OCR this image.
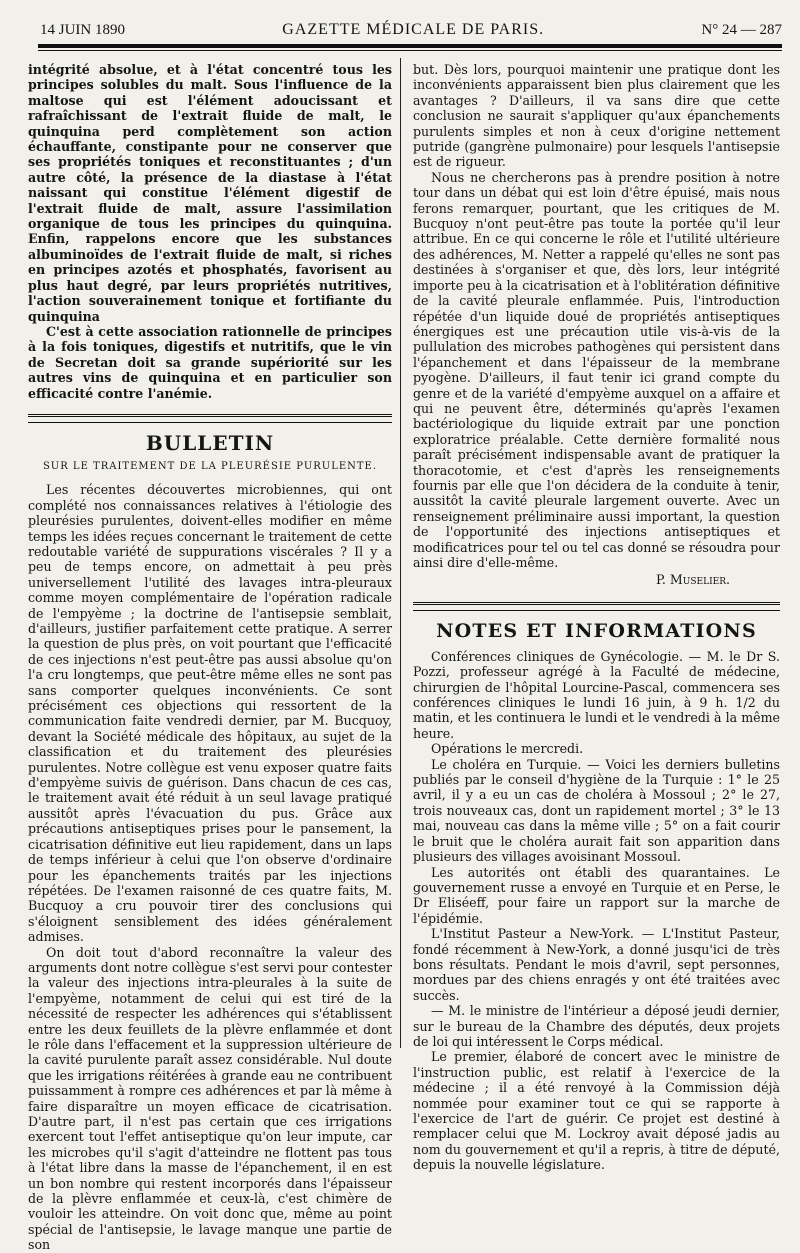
14 JUIN 1890	GAZETTE MÉDICALE DE PARIS.	N° 24 — 287

intégrité absolue, et à l'état concentré tous les principes solubles du malt. Sous l'influence de la maltose qui est l'élément adoucissant et rafraîchissant de l'extrait fluide de malt, le quinquina perd complètement son action échauffante, constipante pour ne conserver que ses propriétés toniques et reconstituantes ; d'un autre côté, la présence de la diastase à l'état naissant qui constitue l'élément digestif de l'extrait fluide de malt, assure l'assimilation organique de tous les principes du quinquina. Enfin, rappelons encore que les substances albuminoïdes de l'extrait fluide de malt, si riches en principes azotés et phosphatés, favorisent au plus haut degré, par leurs propriétés nutritives, l'action souverainement tonique et fortifiante du quinquina

C'est à cette association rationnelle de principes à la fois toniques, digestifs et nutritifs, que le vin de Secretan doit sa grande supériorité sur les autres vins de quinquina et en particulier son efficacité contre l'anémie.

BULLETIN
SUR LE TRAITEMENT DE LA PLEURÉSIE PURULENTE.

Les récentes découvertes microbiennes, qui ont complété nos connaissances relatives à l'étiologie des pleurésies purulentes, doivent-elles modifier en même temps les idées reçues concernant le traitement de cette redoutable variété de suppurations viscérales ? Il y a peu de temps encore, on admettait à peu près universellement l'utilité des lavages intra-pleuraux comme moyen complémentaire de l'opération radicale de l'empyème ; la doctrine de l'antisepsie semblait, d'ailleurs, justifier parfaitement cette pratique. A serrer la question de plus près, on voit pourtant que l'efficacité de ces injections n'est peut-être pas aussi absolue qu'on l'a cru longtemps, que peut-être même elles ne sont pas sans comporter quelques inconvénients. Ce sont précisément ces objections qui ressortent de la communication faite vendredi dernier, par M. Bucquoy, devant la Société médicale des hôpitaux, au sujet de la classification et du traitement des pleurésies purulentes. Notre collègue est venu exposer quatre faits d'empyème suivis de guérison. Dans chacun de ces cas, le traitement avait été réduit à un seul lavage pratiqué aussitôt après l'évacuation du pus. Grâce aux précautions antiseptiques prises pour le pansement, la cicatrisation définitive eut lieu rapidement, dans un laps de temps inférieur à celui que l'on observe d'ordinaire pour les épanchements traités par les injections répétées. De l'examen raisonné de ces quatre faits, M. Bucquoy a cru pouvoir tirer des conclusions qui s'éloignent sensiblement des idées généralement admises.

On doit tout d'abord reconnaître la valeur des arguments dont notre collègue s'est servi pour contester la valeur des injections intra-pleurales à la suite de l'empyème, notamment de celui qui est tiré de la nécessité de respecter les adhérences qui s'établissent entre les deux feuillets de la plèvre enflammée et dont le rôle dans l'effacement et la suppression ultérieure de la cavité purulente paraît assez considérable. Nul doute que les irrigations réitérées à grande eau ne contribuent puissamment à rompre ces adhérences et par là même à faire disparaître un moyen efficace de cicatrisation. D'autre part, il n'est pas certain que ces irrigations exercent tout l'effet antiseptique qu'on leur impute, car les microbes qu'il s'agit d'atteindre ne flottent pas tous à l'état libre dans la masse de l'épanchement, il en est un bon nombre qui restent incorporés dans l'épaisseur de la plèvre enflammée et ceux-là, c'est chimère de vouloir les atteindre. On voit donc que, même au point spécial de l'antisepsie, le lavage manque une partie de son

but. Dès lors, pourquoi maintenir une pratique dont les inconvénients apparaissent bien plus clairement que les avantages ? D'ailleurs, il va sans dire que cette conclusion ne saurait s'appliquer qu'aux épanchements purulents simples et non à ceux d'origine nettement putride (gangrène pulmonaire) pour lesquels l'antisepsie est de rigueur.

Nous ne chercherons pas à prendre position à notre tour dans un débat qui est loin d'être épuisé, mais nous ferons remarquer, pourtant, que les critiques de M. Bucquoy n'ont peut-être pas toute la portée qu'il leur attribue. En ce qui concerne le rôle et l'utilité ultérieure des adhérences, M. Netter a rappelé qu'elles ne sont pas destinées à s'organiser et que, dès lors, leur intégrité importe peu à la cicatrisation et à l'oblitération définitive de la cavité pleurale enflammée. Puis, l'introduction répétée d'un liquide doué de propriétés antiseptiques énergiques est une précaution utile vis-à-vis de la pullulation des microbes pathogènes qui persistent dans l'épanchement et dans l'épaisseur de la membrane pyogène. D'ailleurs, il faut tenir ici grand compte du genre et de la variété d'empyème auxquel on a affaire et qui ne peuvent être, déterminés qu'après l'examen bactériologique du liquide extrait par une ponction exploratrice préalable. Cette dernière formalité nous paraît précisément indispensable avant de pratiquer la thoracotomie, et c'est d'après les renseignements fournis par elle que l'on décidera de la conduite à tenir, aussitôt la cavité pleurale largement ouverte. Avec un renseignement préliminaire aussi important, la question de l'opportunité des injections antiseptiques et modificatrices pour tel ou tel cas donné se résoudra pour ainsi dire d'elle-même.

P. Muselier.
NOTES ET INFORMATIONS

Conférences cliniques de Gynécologie. — M. le Dr S. Pozzi, professeur agrégé à la Faculté de médecine, chirurgien de l'hôpital Lourcine-Pascal, commencera ses conférences cliniques le lundi 16 juin, à 9 h. 1/2 du matin, et les continuera le lundi et le vendredi à la même heure.

Opérations le mercredi.

Le choléra en Turquie. — Voici les derniers bulletins publiés par le conseil d'hygiène de la Turquie : 1° le 25 avril, il y a eu un cas de choléra à Mossoul ; 2° le 27, trois nouveaux cas, dont un rapidement mortel ; 3° le 13 mai, nouveau cas dans la même ville ; 5° on a fait courir le bruit que le choléra aurait fait son apparition dans plusieurs des villages avoisinant Mossoul.

Les autorités ont établi des quarantaines. Le gouvernement russe a envoyé en Turquie et en Perse, le Dr Eliséeff, pour faire un rapport sur la marche de l'épidémie.

L'Institut Pasteur a New-York. — L'Institut Pasteur, fondé récemment à New-York, a donné jusqu'ici de très bons résultats. Pendant le mois d'avril, sept personnes, mordues par des chiens enragés y ont été traitées avec succès.

— M. le ministre de l'intérieur a déposé jeudi dernier, sur le bureau de la Chambre des députés, deux projets de loi qui intéressent le Corps médical.

Le premier, élaboré de concert avec le ministre de l'instruction public, est relatif à l'exercice de la médecine ; il a été renvoyé à la Commission déjà nommée pour examiner tout ce qui se rapporte à l'exercice de l'art de guérir. Ce projet est destiné à remplacer celui que M. Lockroy avait déposé jadis au nom du gouvernement et qu'il a repris, à titre de député, depuis la nouvelle législature.
